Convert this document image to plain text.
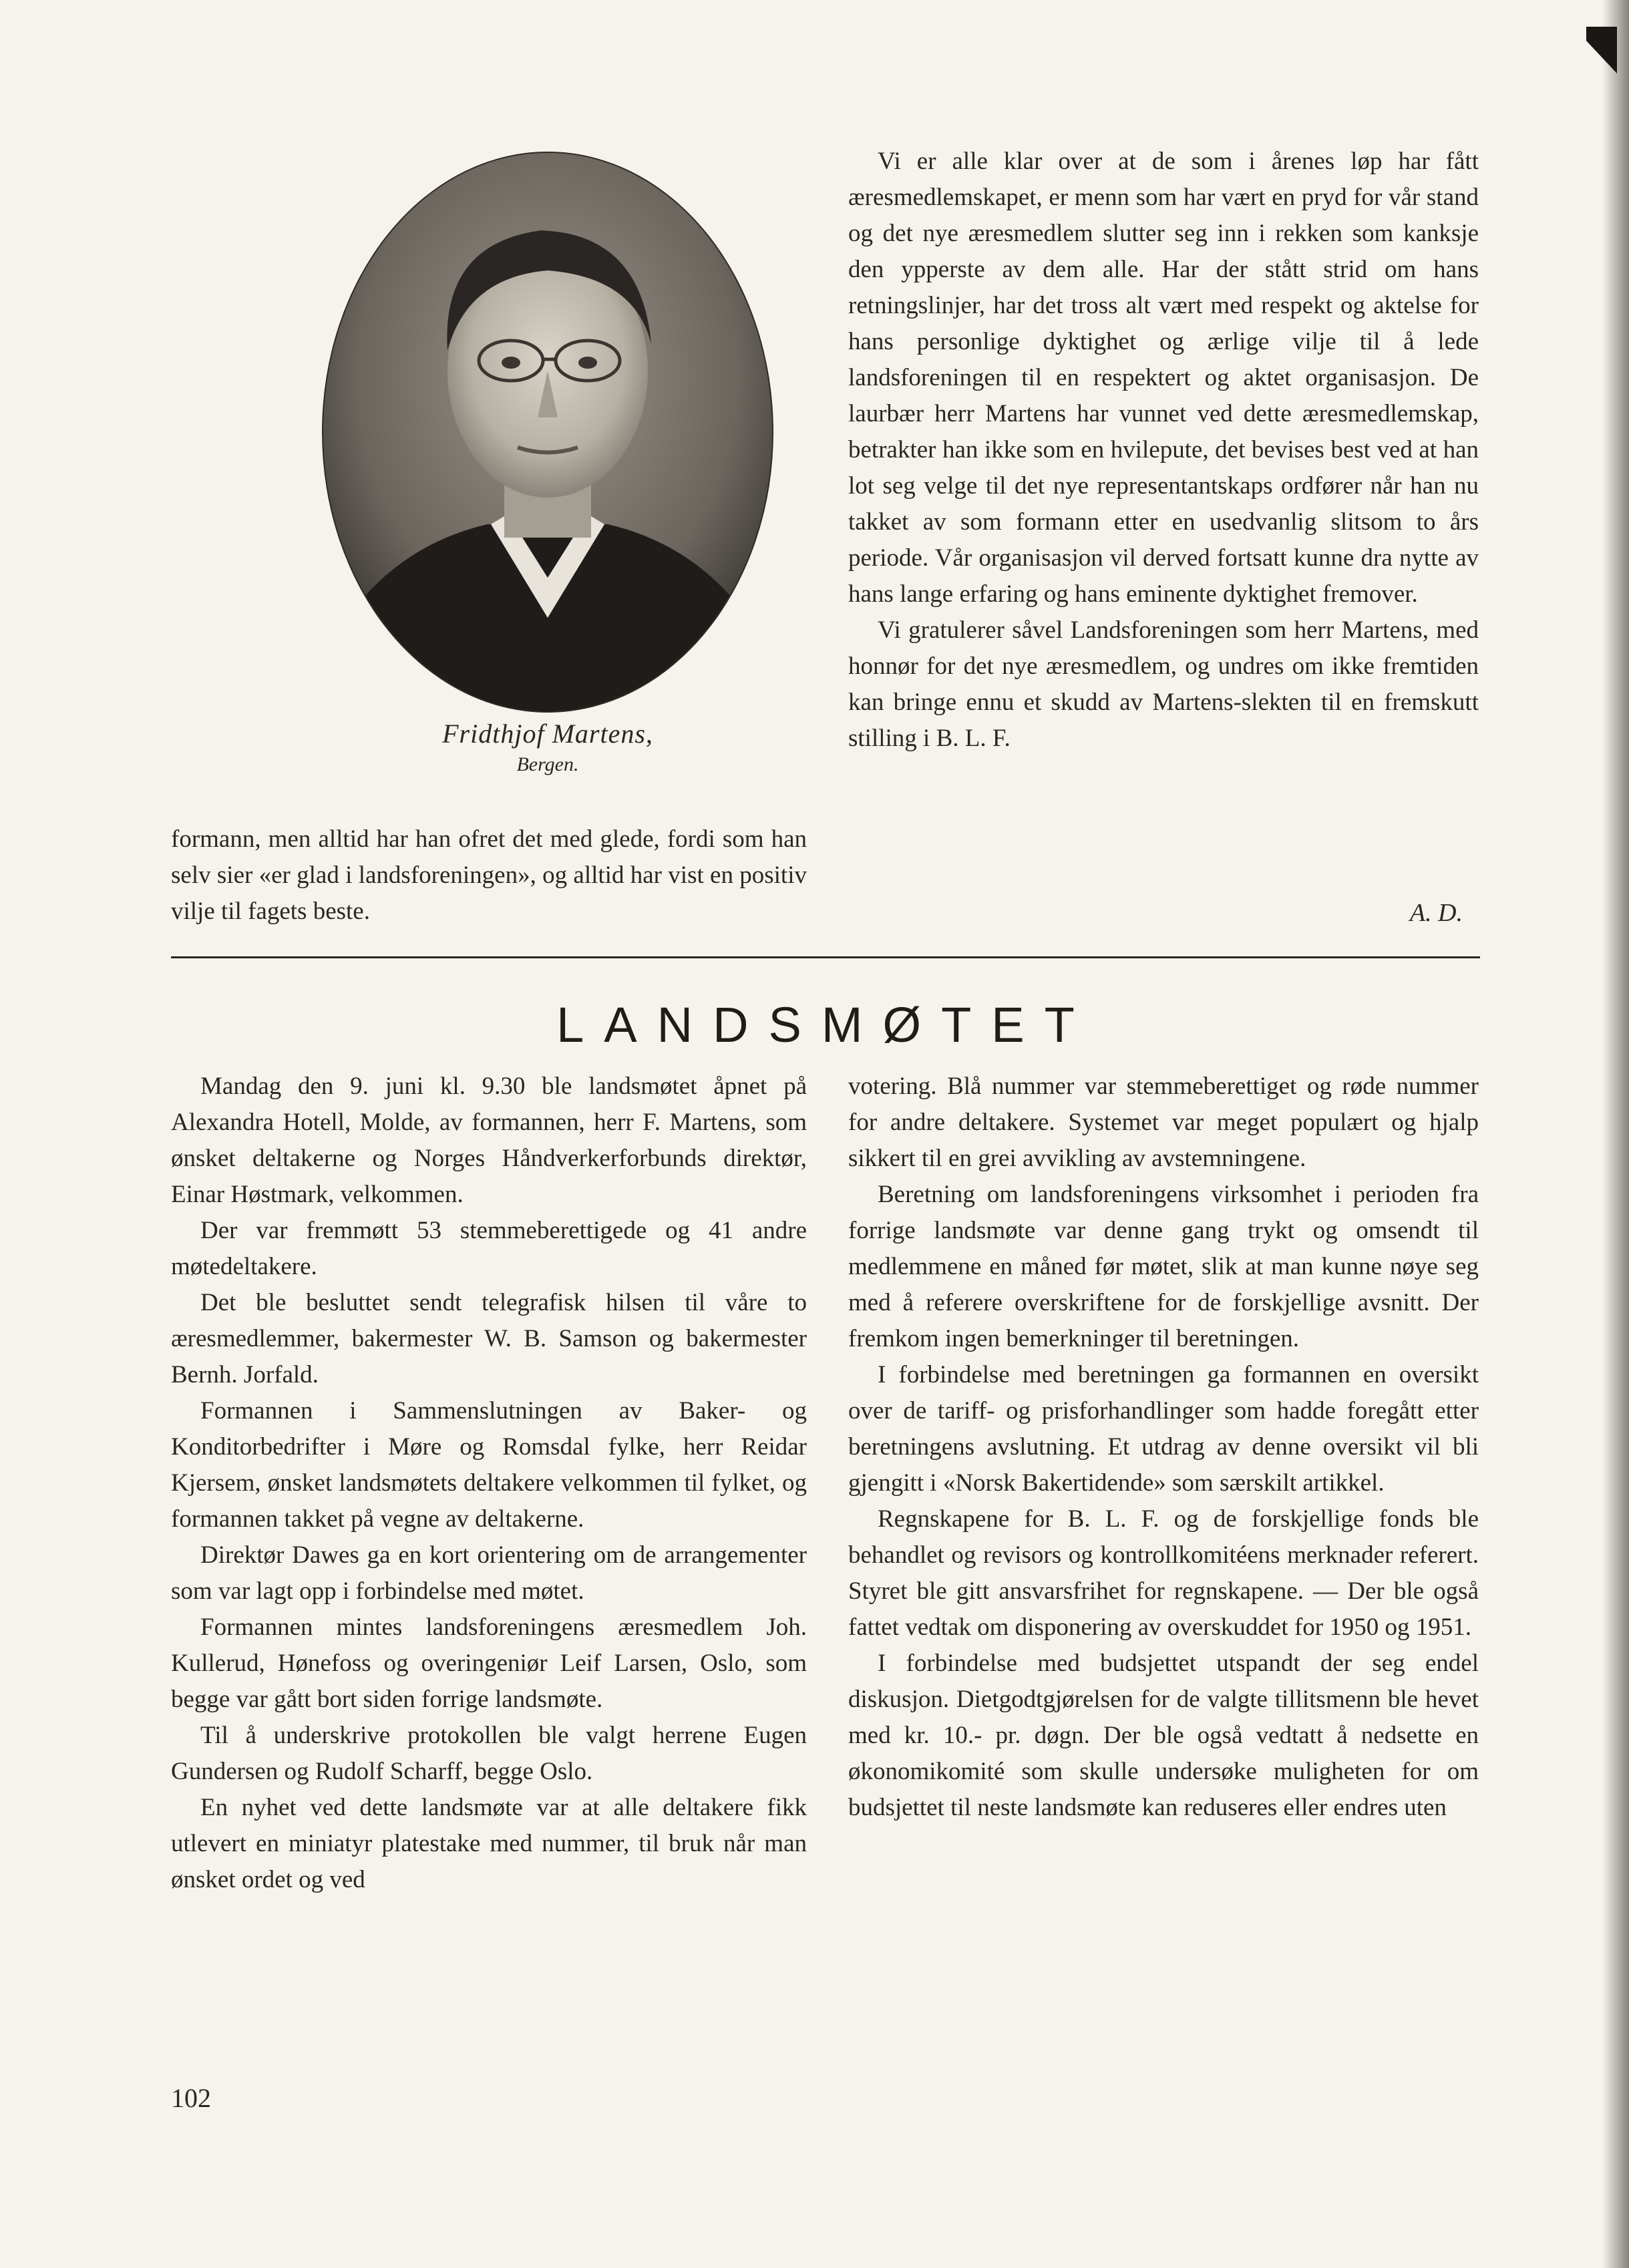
Fridthjof Martens,
Bergen.

formann, men alltid har han ofret det med glede, fordi som han selv sier «er glad i landsforeningen», og alltid har vist en positiv vilje til fagets beste.

Vi er alle klar over at de som i årenes løp har fått æresmedlemskapet, er menn som har vært en pryd for vår stand og det nye æresmedlem slutter seg inn i rekken som kanksje den ypperste av dem alle. Har der stått strid om hans retningslinjer, har det tross alt vært med respekt og aktelse for hans personlige dyktighet og ærlige vilje til å lede landsforeningen til en respektert og aktet organisasjon. De laurbær herr Martens har vunnet ved dette æresmedlemskap, betrakter han ikke som en hvilepute, det bevises best ved at han lot seg velge til det nye representantskaps ordfører når han nu takket av som formann etter en usedvanlig slitsom to års periode. Vår organisasjon vil derved fortsatt kunne dra nytte av hans lange erfaring og hans eminente dyktighet fremover.

Vi gratulerer såvel Landsforeningen som herr Martens, med honnør for det nye æresmedlem, og undres om ikke fremtiden kan bringe ennu et skudd av Martens-slekten til en fremskutt stilling i B. L. F.

A. D.
LANDSMØTET

Mandag den 9. juni kl. 9.30 ble landsmøtet åpnet på Alexandra Hotell, Molde, av formannen, herr F. Martens, som ønsket deltakerne og Norges Håndverkerforbunds direktør, Einar Høstmark, velkommen.

Der var fremmøtt 53 stemmeberettigede og 41 andre møtedeltakere.

Det ble besluttet sendt telegrafisk hilsen til våre to æresmedlemmer, bakermester W. B. Samson og bakermester Bernh. Jorfald.

Formannen i Sammenslutningen av Baker- og Konditorbedrifter i Møre og Romsdal fylke, herr Reidar Kjersem, ønsket landsmøtets deltakere velkommen til fylket, og formannen takket på vegne av deltakerne.

Direktør Dawes ga en kort orientering om de arrangementer som var lagt opp i forbindelse med møtet.

Formannen mintes landsforeningens æresmedlem Joh. Kullerud, Hønefoss og overingeniør Leif Larsen, Oslo, som begge var gått bort siden forrige landsmøte.

Til å underskrive protokollen ble valgt herrene Eugen Gundersen og Rudolf Scharff, begge Oslo.

En nyhet ved dette landsmøte var at alle deltakere fikk utlevert en miniatyr platestake med nummer, til bruk når man ønsket ordet og ved

votering. Blå nummer var stemmeberettiget og røde nummer for andre deltakere. Systemet var meget populært og hjalp sikkert til en grei avvikling av avstemningene.

Beretning om landsforeningens virksomhet i perioden fra forrige landsmøte var denne gang trykt og omsendt til medlemmene en måned før møtet, slik at man kunne nøye seg med å referere overskriftene for de forskjellige avsnitt. Der fremkom ingen bemerkninger til beretningen.

I forbindelse med beretningen ga formannen en oversikt over de tariff- og prisforhandlinger som hadde foregått etter beretningens avslutning. Et utdrag av denne oversikt vil bli gjengitt i «Norsk Bakertidende» som særskilt artikkel.

Regnskapene for B. L. F. og de forskjellige fonds ble behandlet og revisors og kontrollkomitéens merknader referert. Styret ble gitt ansvarsfrihet for regnskapene. — Der ble også fattet vedtak om disponering av overskuddet for 1950 og 1951.

I forbindelse med budsjettet utspandt der seg endel diskusjon. Dietgodtgjørelsen for de valgte tillitsmenn ble hevet med kr. 10.- pr. døgn. Der ble også vedtatt å nedsette en økonomikomité som skulle undersøke muligheten for om budsjettet til neste landsmøte kan reduseres eller endres uten

102
